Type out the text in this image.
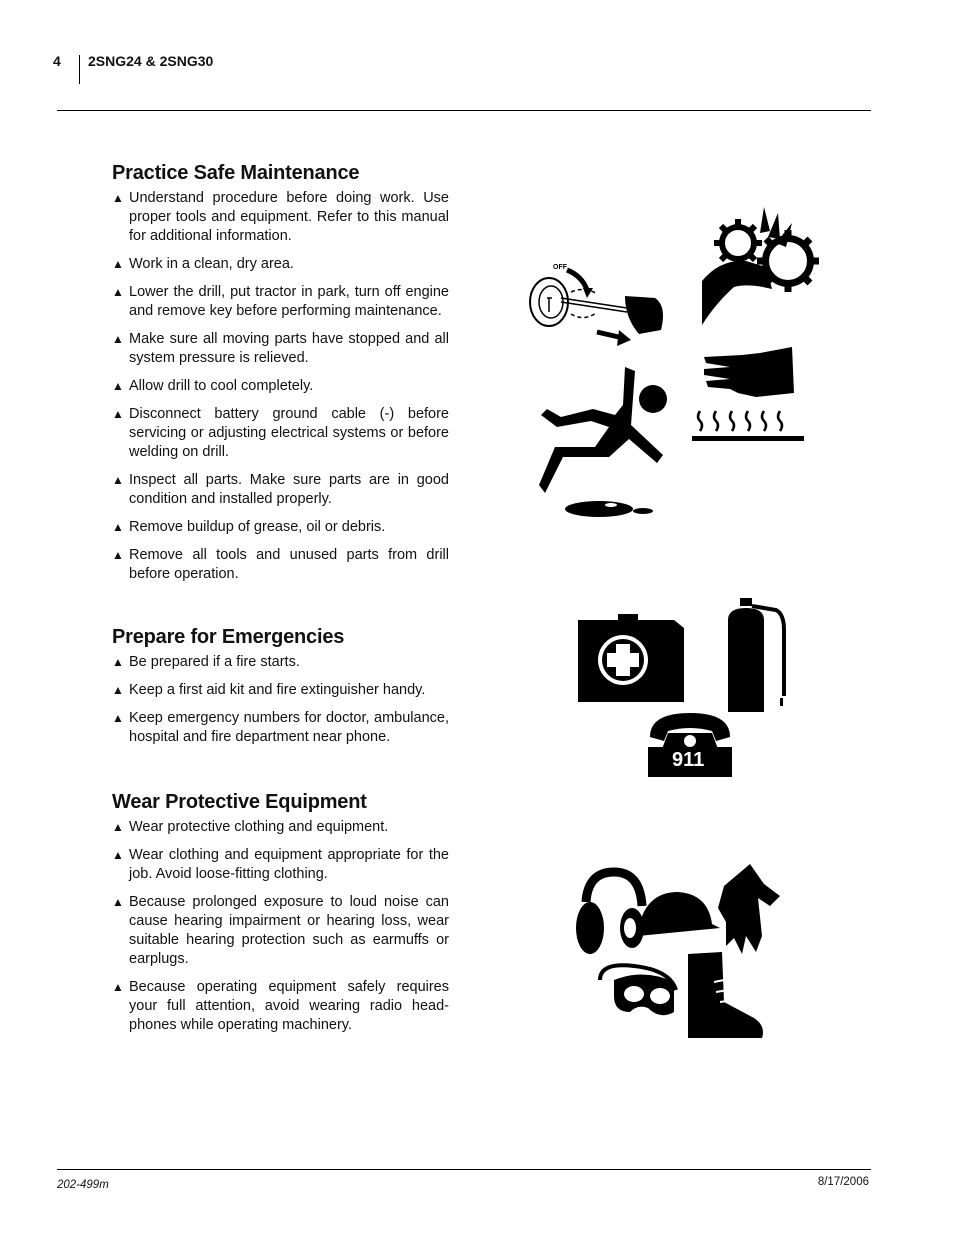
4 2SNG24 & 2SNG30
Practice Safe Maintenance
▲ Understand procedure before doing work. Use proper tools and equipment. Refer to this manual for additional information.
▲ Work in a clean, dry area.
▲ Lower the drill, put tractor in park, turn off engine and remove key before performing maintenance.
▲ Make sure all moving parts have stopped and all system pressure is relieved.
▲ Allow drill to cool completely.
▲ Disconnect battery ground cable (-) before servicing or adjusting electrical systems or before welding on drill.
▲ Inspect all parts. Make sure parts are in good condition and installed properly.
▲ Remove buildup of grease, oil or debris.
▲ Remove all tools and unused parts from drill before operation.
Prepare for Emergencies
▲ Be prepared if a fire starts.
▲ Keep a first aid kit and fire extinguisher handy.
▲ Keep emergency numbers for doctor, ambulance, hospital and fire department near phone.
Wear Protective Equipment
▲ Wear protective clothing and equipment.
▲ Wear clothing and equipment appropriate for the job. Avoid loose-fitting clothing.
▲ Because prolonged exposure to loud noise can cause hearing impairment or hearing loss, wear suitable hearing protection such as earmuffs or earplugs.
▲ Because operating equipment safely requires your full attention, avoid wearing radio headphones while operating machinery.
OFF
911
202-499m	8/17/2006
